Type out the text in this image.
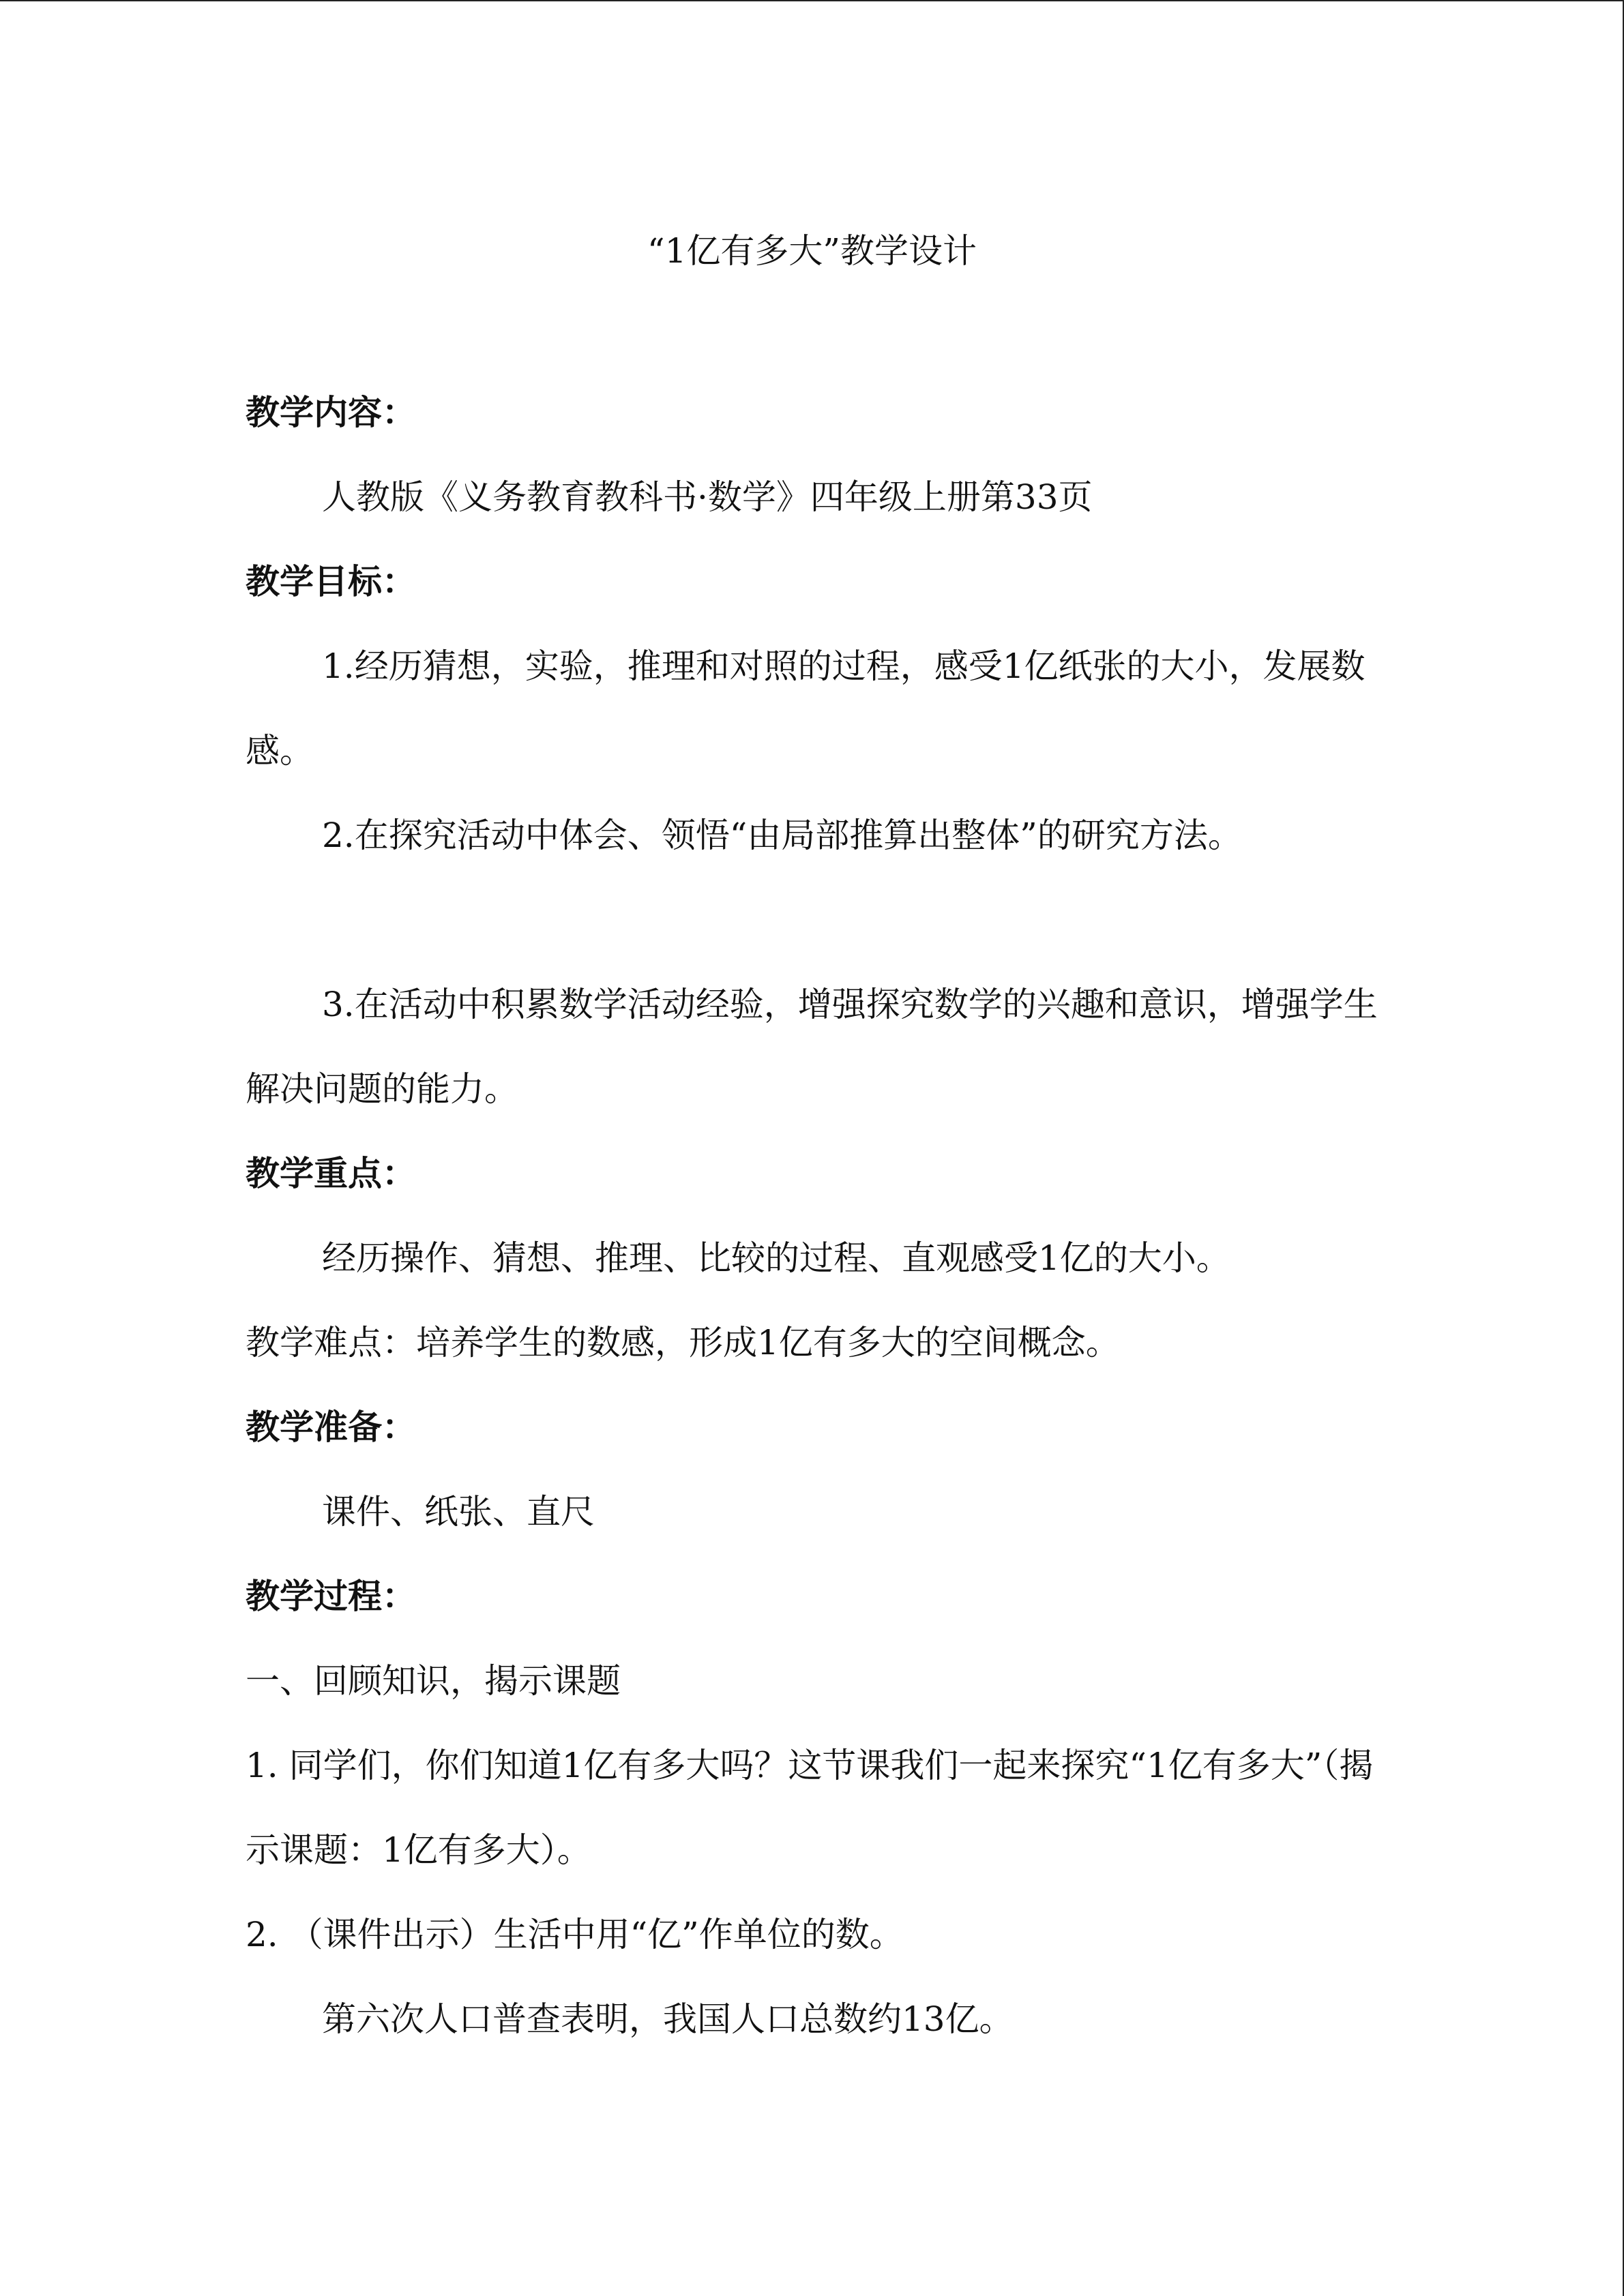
“1亿有多大”教学设计

教学内容：

人教版《义务教育教科书·数学》四年级上册第33页

教学目标：

1.经历猜想，实验，推理和对照的过程，感受1亿纸张的大小，发展数感。

2.在探究活动中体会、领悟“由局部推算出整体”的研究方法。

3.在活动中积累数学活动经验，增强探究数学的兴趣和意识，增强学生解决问题的能力。

教学重点：

经历操作、猜想、推理、比较的过程、直观感受1亿的大小。

教学难点：培养学生的数感，形成1亿有多大的空间概念。

教学准备：

课件、纸张、直尺

教学过程：

一、回顾知识，揭示课题

1. 同学们，你们知道1亿有多大吗？这节课我们一起来探究“1亿有多大”（揭示课题：1亿有多大）。

2. （课件出示）生活中用“亿”作单位的数。

第六次人口普查表明，我国人口总数约13亿。
